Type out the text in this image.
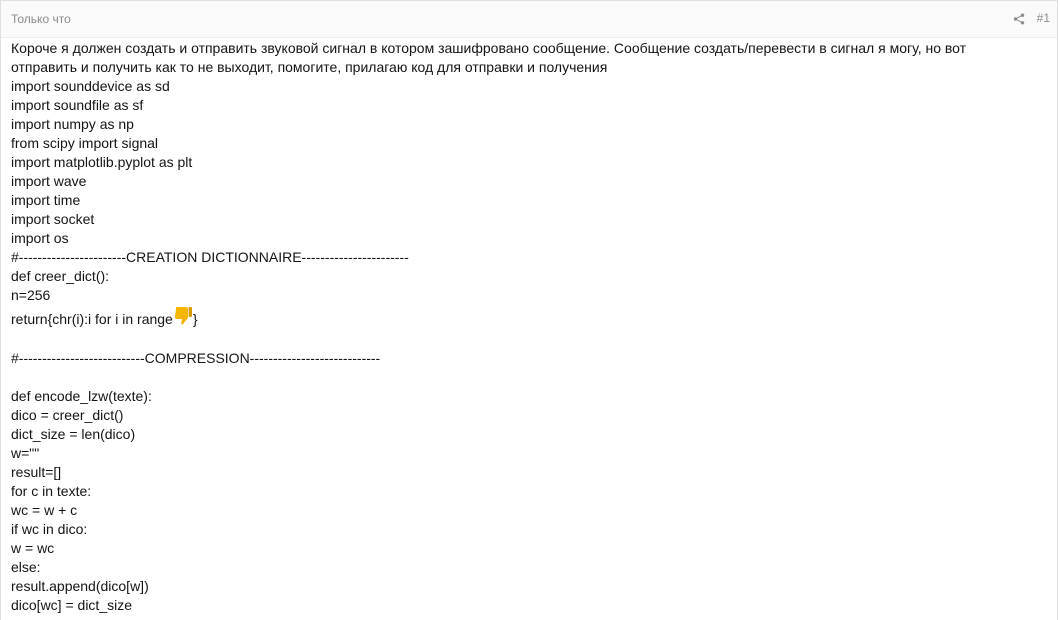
Только что	#1
Короче я должен создать и отправить звуковой сигнал в котором зашифровано сообщение. Сообщение создать/перевести в сигнал я могу, но вот отправить и получить как то не выходит, помогите, прилагаю код для отправки и получения
import sounddevice as sd
import soundfile as sf
import numpy as np
from scipy import signal
import matplotlib.pyplot as plt
import wave
import time
import socket
import os
#-----------------------CREATION DICTIONNAIRE-----------------------
def creer_dict():
n=256
return{chr(i):i for i in range }
#---------------------------COMPRESSION----------------------------
def encode_lzw(texte):
dico = creer_dict()
dict_size = len(dico)
w=""
result=[]
for c in texte:
wc = w + c
if wc in dico:
w = wc
else:
result.append(dico[w])
dico[wc] = dict_size
